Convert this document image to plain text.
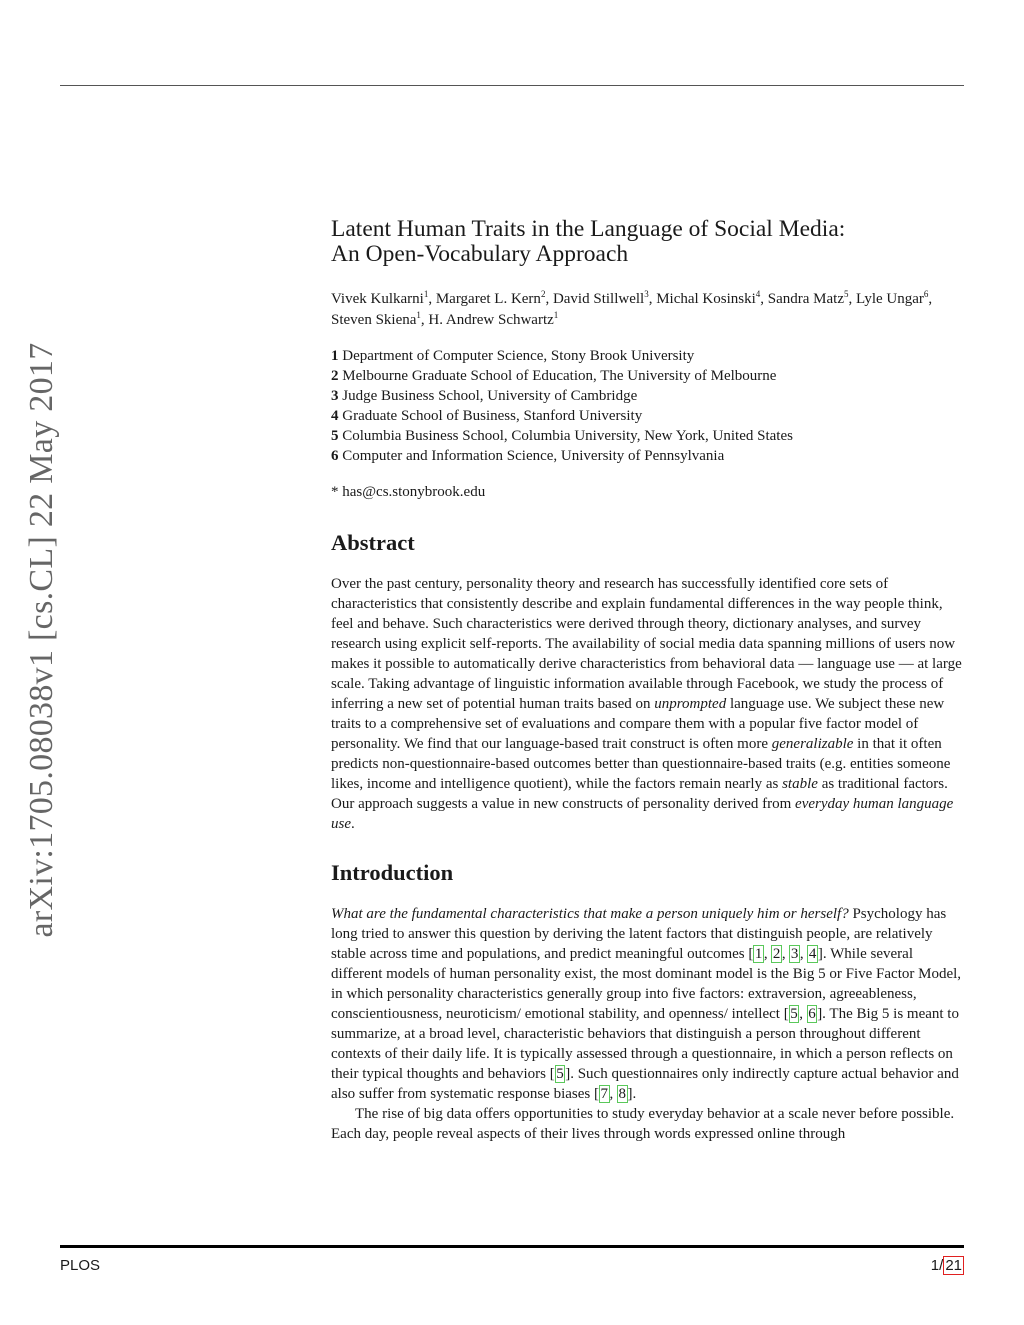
arXiv:1705.08038v1 [cs.CL] 22 May 2017
Latent Human Traits in the Language of Social Media:
An Open-Vocabulary Approach
Vivek Kulkarni$^1$, Margaret L. Kern$^2$, David Stillwell$^3$, Michal Kosinski$^4$, Sandra Matz$^5$, Lyle Ungar$^6$, Steven Skiena$^1$, H. Andrew Schwartz$^1$
1 Department of Computer Science, Stony Brook University
2 Melbourne Graduate School of Education, The University of Melbourne
3 Judge Business School, University of Cambridge
4 Graduate School of Business, Stanford University
5 Columbia Business School, Columbia University, New York, United States
6 Computer and Information Science, University of Pennsylvania
* has@cs.stonybrook.edu
Abstract
Over the past century, personality theory and research has successfully identified core sets of characteristics that consistently describe and explain fundamental differences in the way people think, feel and behave. Such characteristics were derived through theory, dictionary analyses, and survey research using explicit self-reports. The availability of social media data spanning millions of users now makes it possible to automatically derive characteristics from behavioral data — language use — at large scale. Taking advantage of linguistic information available through Facebook, we study the process of inferring a new set of potential human traits based on unprompted language use. We subject these new traits to a comprehensive set of evaluations and compare them with a popular five factor model of personality. We find that our language-based trait construct is often more generalizable in that it often predicts non-questionnaire-based outcomes better than questionnaire-based traits (e.g. entities someone likes, income and intelligence quotient), while the factors remain nearly as stable as traditional factors. Our approach suggests a value in new constructs of personality derived from everyday human language use.
Introduction
What are the fundamental characteristics that make a person uniquely him or herself? Psychology has long tried to answer this question by deriving the latent factors that distinguish people, are relatively stable across time and populations, and predict meaningful outcomes [ 1 , 2 , 3 , 4 ]. While several different models of human personality exist, the most dominant model is the Big 5 or Five Factor Model, in which personality characteristics generally group into five factors: extraversion, agreeableness, conscientiousness, neuroticism/ emotional stability, and openness/ intellect [ 5 , 6 ]. The Big 5 is meant to summarize, at a broad level, characteristic behaviors that distinguish a person throughout different contexts of their daily life. It is typically assessed through a questionnaire, in which a person reflects on their typical thoughts and behaviors [ 5 ]. Such questionnaires only indirectly capture actual behavior and also suffer from systematic response biases [ 7 , 8 ].
The rise of big data offers opportunities to study everyday behavior at a scale never before possible. Each day, people reveal aspects of their lives through words expressed online through
PLOS	1/ 21
